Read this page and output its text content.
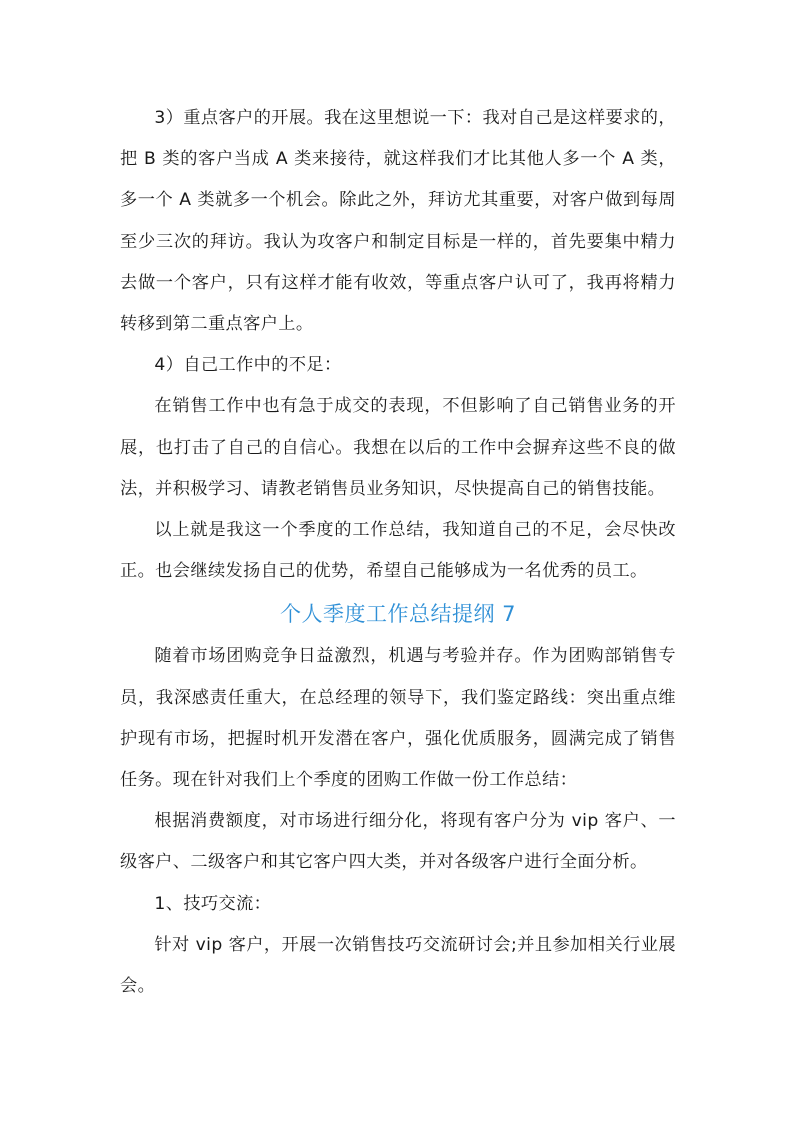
3）重点客户的开展。我在这里想说一下：我对自己是这样要求的，把 B 类的客户当成 A 类来接待，就这样我们才比其他人多一个 A 类，多一个 A 类就多一个机会。除此之外，拜访尤其重要，对客户做到每周至少三次的拜访。我认为攻客户和制定目标是一样的，首先要集中精力去做一个客户，只有这样才能有收效，等重点客户认可了，我再将精力转移到第二重点客户上。

4）自己工作中的不足：

在销售工作中也有急于成交的表现，不但影响了自己销售业务的开展，也打击了自己的自信心。我想在以后的工作中会摒弃这些不良的做法，并积极学习、请教老销售员业务知识，尽快提高自己的销售技能。

以上就是我这一个季度的工作总结，我知道自己的不足，会尽快改正。也会继续发扬自己的优势，希望自己能够成为一名优秀的员工。

个人季度工作总结提纲 7

随着市场团购竞争日益激烈，机遇与考验并存。作为团购部销售专员，我深感责任重大，在总经理的领导下，我们鉴定路线：突出重点维护现有市场，把握时机开发潜在客户，强化优质服务，圆满完成了销售任务。现在针对我们上个季度的团购工作做一份工作总结：

根据消费额度，对市场进行细分化，将现有客户分为 vip 客户、一级客户、二级客户和其它客户四大类，并对各级客户进行全面分析。

1、技巧交流：

针对 vip 客户，开展一次销售技巧交流研讨会;并且参加相关行业展会。
